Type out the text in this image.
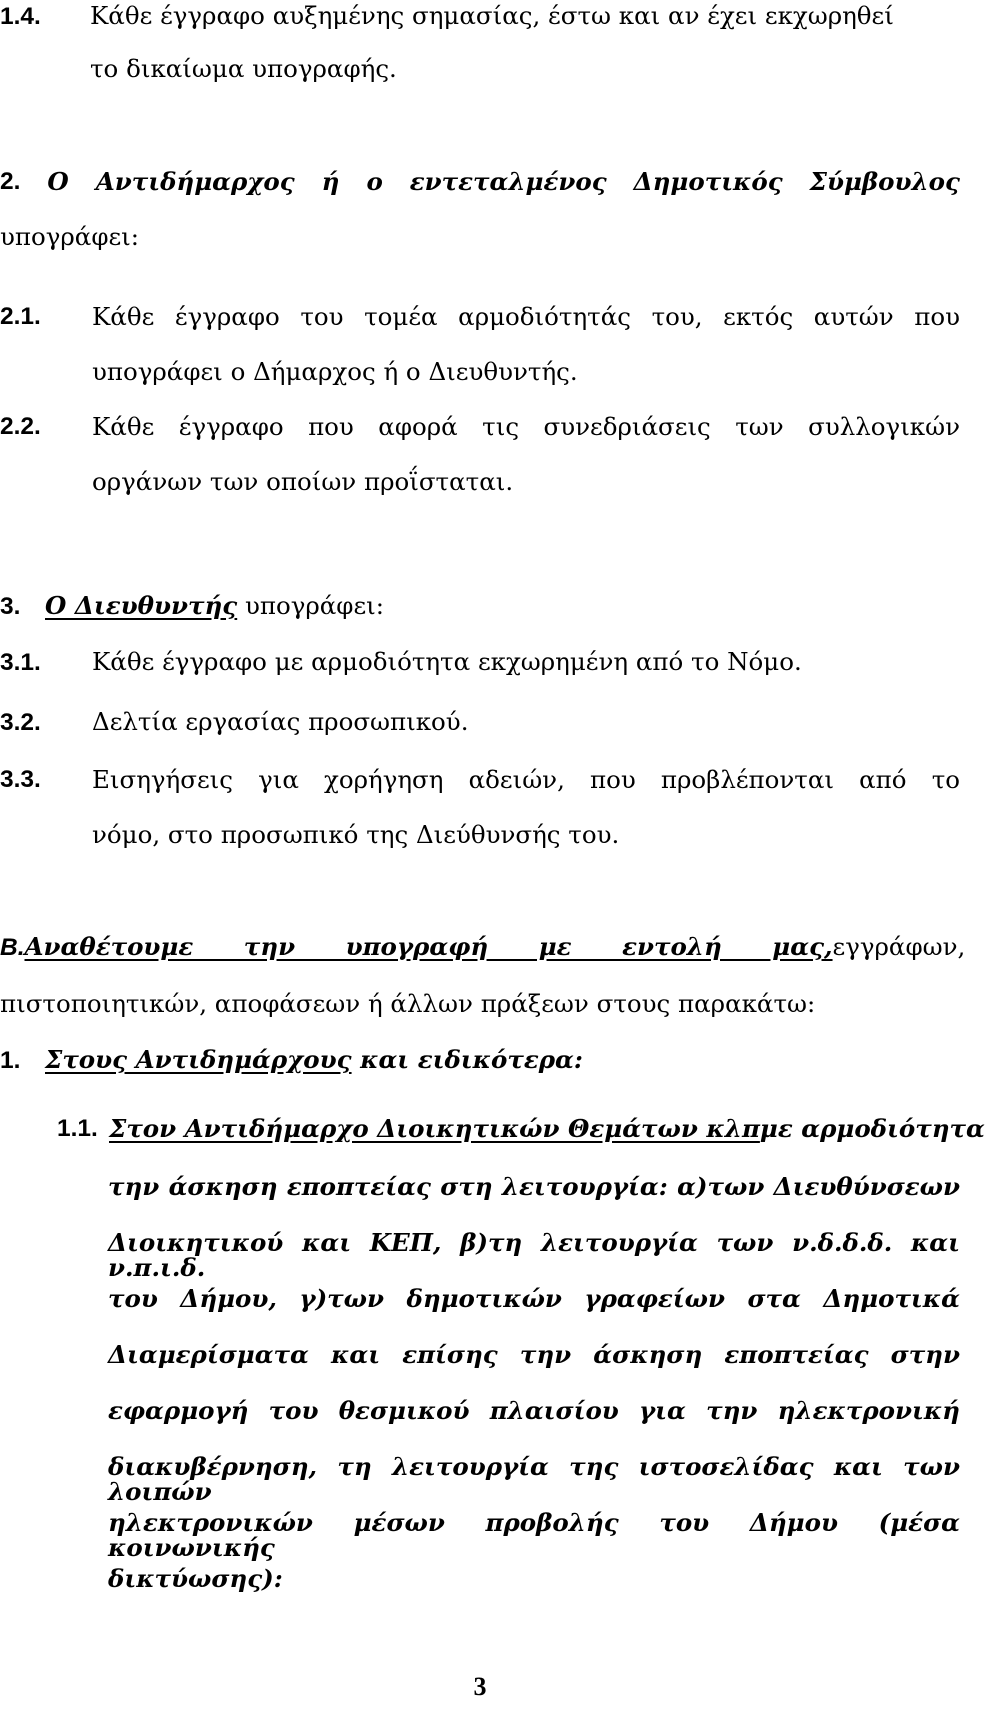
1.4. Κάθε έγγραφο αυξημένης σημασίας, έστω και αν έχει εκχωρηθεί
το δικαίωμα υπογραφής.
2. Ο Αντιδήμαρχος ή ο εντεταλμένος Δημοτικός Σύμβουλος
υπογράφει:
2.1.	Κάθε έγγραφο του τομέα αρμοδιότητάς του, εκτός αυτών που
υπογράφει ο Δήμαρχος ή ο Διευθυντής.
2.2.	Κάθε έγγραφο που αφορά τις συνεδριάσεις των συλλογικών
οργάνων των οποίων προΐσταται.
3. Ο Διευθυντής υπογράφει:
3.1. Κάθε έγγραφο με αρμοδιότητα εκχωρημένη από το Νόμο.
3.2. Δελτία εργασίας προσωπικού.
3.3.	Εισηγήσεις για χορήγηση αδειών, που προβλέπονται από το
νόμο, στο προσωπικό της Διεύθυνσής του.
Β.Αναθέτουμε την υπογραφή με εντολή μας, εγγράφων,
πιστοποιητικών, αποφάσεων ή άλλων πράξεων στους παρακάτω:
1. Στους Αντιδημάρχους και ειδικότερα:
1.1. Στον Αντιδήμαρχο Διοικητικών Θεμάτων κλπ με αρμοδιότητα
την άσκηση εποπτείας στη λειτουργία: α)των Διευθύνσεων
Διοικητικού και ΚΕΠ, β)τη λειτουργία των ν.δ.δ.δ. και ν.π.ι.δ.
του Δήμου, γ)των δημοτικών γραφείων στα Δημοτικά
Διαμερίσματα και επίσης την άσκηση εποπτείας στην
εφαρμογή του θεσμικού πλαισίου για την ηλεκτρονική
διακυβέρνηση, τη λειτουργία της ιστοσελίδας και των λοιπών
ηλεκτρονικών μέσων προβολής του Δήμου (μέσα κοινωνικής
δικτύωσης):
3
